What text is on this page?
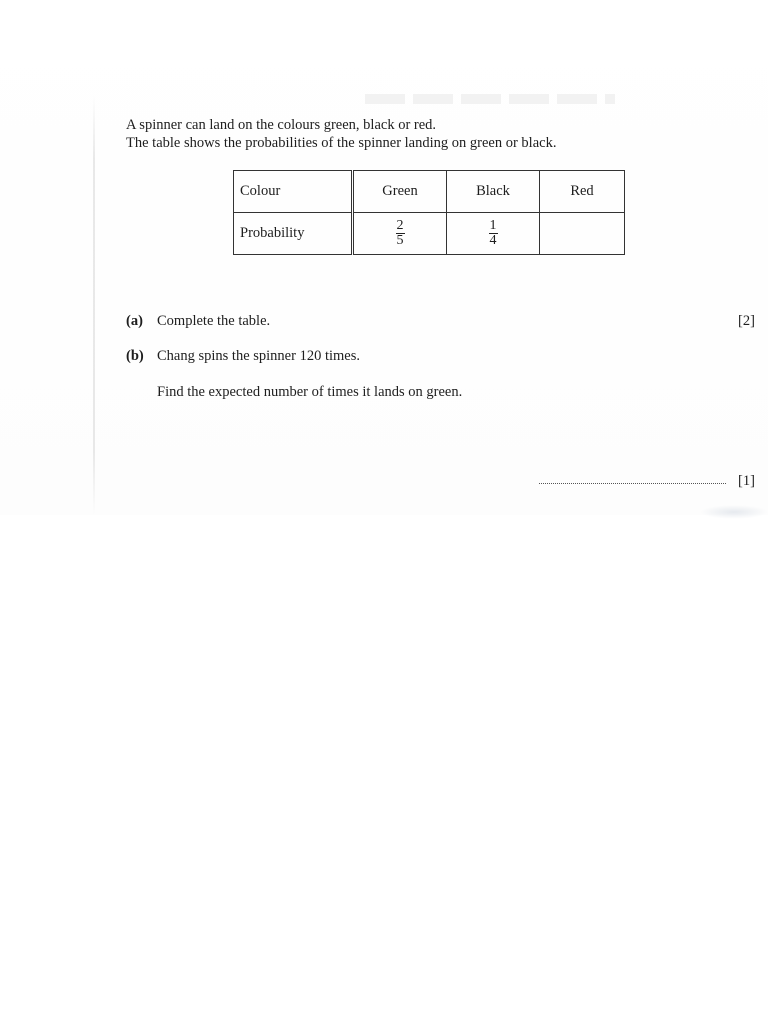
A spinner can land on the colours green, black or red.

The table shows the probabilities of the spinner landing on green or black.

Colour	Green	Black	Red
Probability	$\frac{2}{5}$	$\frac{1}{4}$

(a) Complete the table.	[2]
(b) Chang spins the spinner 120 times.
Find the expected number of times it lands on green.
[1]
